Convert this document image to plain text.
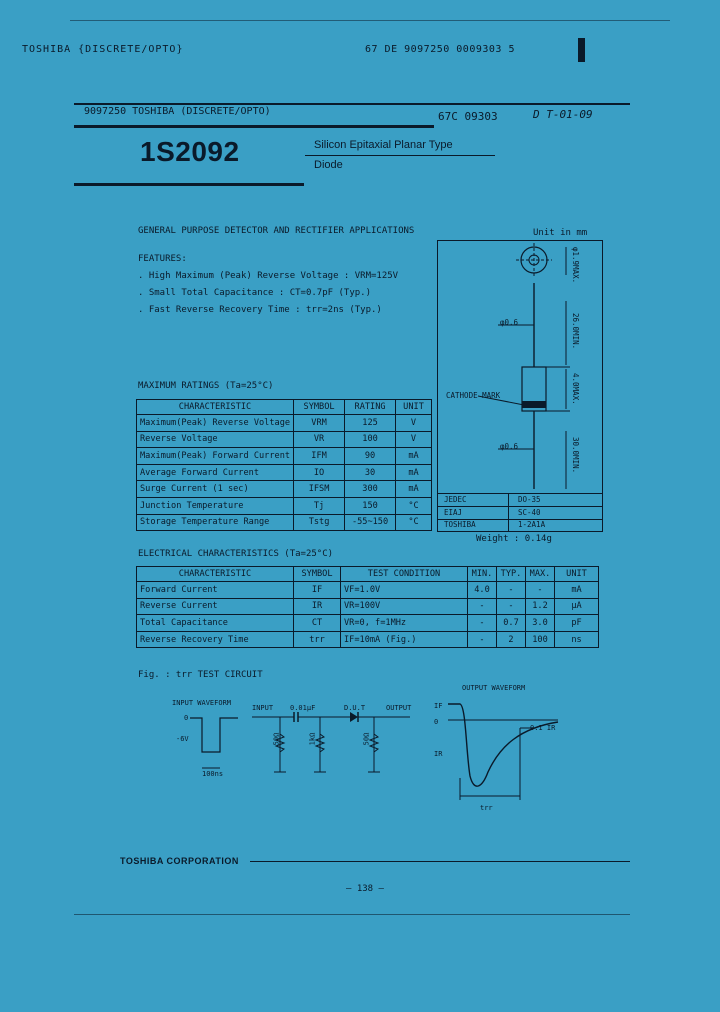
TOSHIBA {DISCRETE/OPTO}	67 DE 9097250 0009303 5
9097250 TOSHIBA (DISCRETE/OPTO)	67C 09303	D T-01-09
1S2092	Silicon Epitaxial Planar Type
Diode
GENERAL PURPOSE DETECTOR AND RECTIFIER APPLICATIONS	Unit in mm
FEATURES:
. High Maximum (Peak) Reverse Voltage : VRM=125V
. Small Total Capacitance : CT=0.7pF (Typ.)
. Fast Reverse Recovery Time : trr=2ns (Typ.)
MAXIMUM RATINGS (Ta=25°C)
CHARACTERISTIC	SYMBOL	RATING	UNIT
Maximum(Peak) Reverse Voltage	VRM	125	V
Reverse Voltage	VR	100	V
Maximum(Peak) Forward Current	IFM	90	mA
Average Forward Current	IO	30	mA
Surge Current (1 sec)	IFSM	300	mA
Junction Temperature	Tj	150	°C
Storage Temperature Range	Tstg	-55~150	°C
φ1.9MAX.
26.0MIN.
4.0MAX.
30.0MIN.
φ0.6
CATHODE MARK
φ0.6
JEDEC	DO-35
EIAJ	SC-40
TOSHIBA	1-2A1A
Weight : 0.14g
ELECTRICAL CHARACTERISTICS (Ta=25°C)
CHARACTERISTIC	SYMBOL	TEST CONDITION	MIN.	TYP.	MAX.	UNIT
Forward Current	IF	VF=1.0V	4.0	-	-	mA
Reverse Current	IR	VR=100V	-	-	1.2	μA
Total Capacitance	CT	VR=0, f=1MHz	-	0.7	3.0	pF
Reverse Recovery Time	trr	IF=10mA (Fig.)	-	2	100	ns
Fig. : trr TEST CIRCUIT
INPUT WAVEFORM
0
-6V
100ns
INPUT 0.01μF	D.U.T	OUTPUT
50Ω	1kΩ	50Ω
OUTPUT WAVEFORM
IF
0
IR
0.1 IR
trr
TOSHIBA CORPORATION
— 138 —
